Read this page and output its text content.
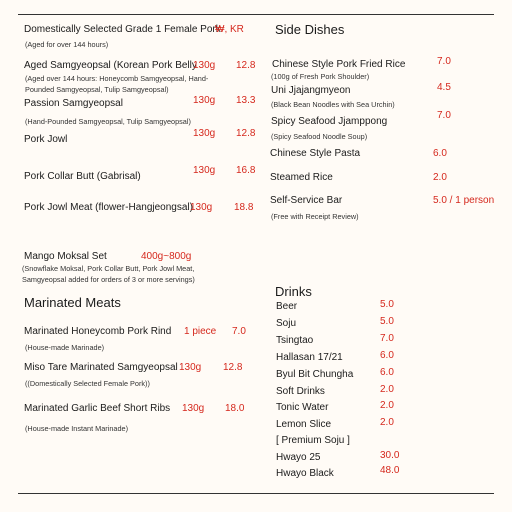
Domestically Selected Grade 1 Female Pork
₩, KR
(Aged for over 144 hours)
Aged Samgyeopsal (Korean Pork Belly
130g 12.8
(Aged over 144 hours: Honeycomb Samgyeopsal, Hand-Pounded Samgyeopsal, Tulip Samgyeopsal)
Passion Samgyeopsal	130g 13.3
(Hand-Pounded Samgyeopsal, Tulip Samgyeopsal)
Pork Jowl
130g 12.8
Pork Collar Butt (Gabrisal)
130g 16.8
Pork Jowl Meat (flower-Hangjeongsal)
130g 18.8
Mango Moksal Set	400g~800g
(Snowflake Moksal, Pork Collar Butt, Pork Jowl Meat,
Samgyeopsal added for orders of 3 or more servings)
Marinated Meats
Marinated Honeycomb Pork Rind 1 piece 7.0
(House-made Marinade)
Miso Tare Marinated Samgyeopsal 130g 12.8
((Domestically Selected Female Pork))
Marinated Garlic Beef Short Ribs 130g 18.0
(House-made Instant Marinade)
Side Dishes
Chinese Style Pork Fried Rice	7.0
(100g of Fresh Pork Shoulder)
Uni Jjajangmyeon	4.5
(Black Bean Noodles with Sea Urchin)
Spicy Seafood Jjamppong
7.0
(Spicy Seafood Noodle Soup)
Chinese Style Pasta	6.0
Steamed Rice	2.0
Self-Service Bar	5.0 / 1 person
(Free with Receipt Review)
Drinks
Beer	5.0
Soju	5.0
Tsingtao	7.0
Hallasan 17/21	6.0
Byul Bit Chungha	6.0
Soft Drinks	2.0
Tonic Water	2.0
Lemon Slice	2.0
[ Premium Soju ]
Hwayo 25	30.0
Hwayo Black	48.0
